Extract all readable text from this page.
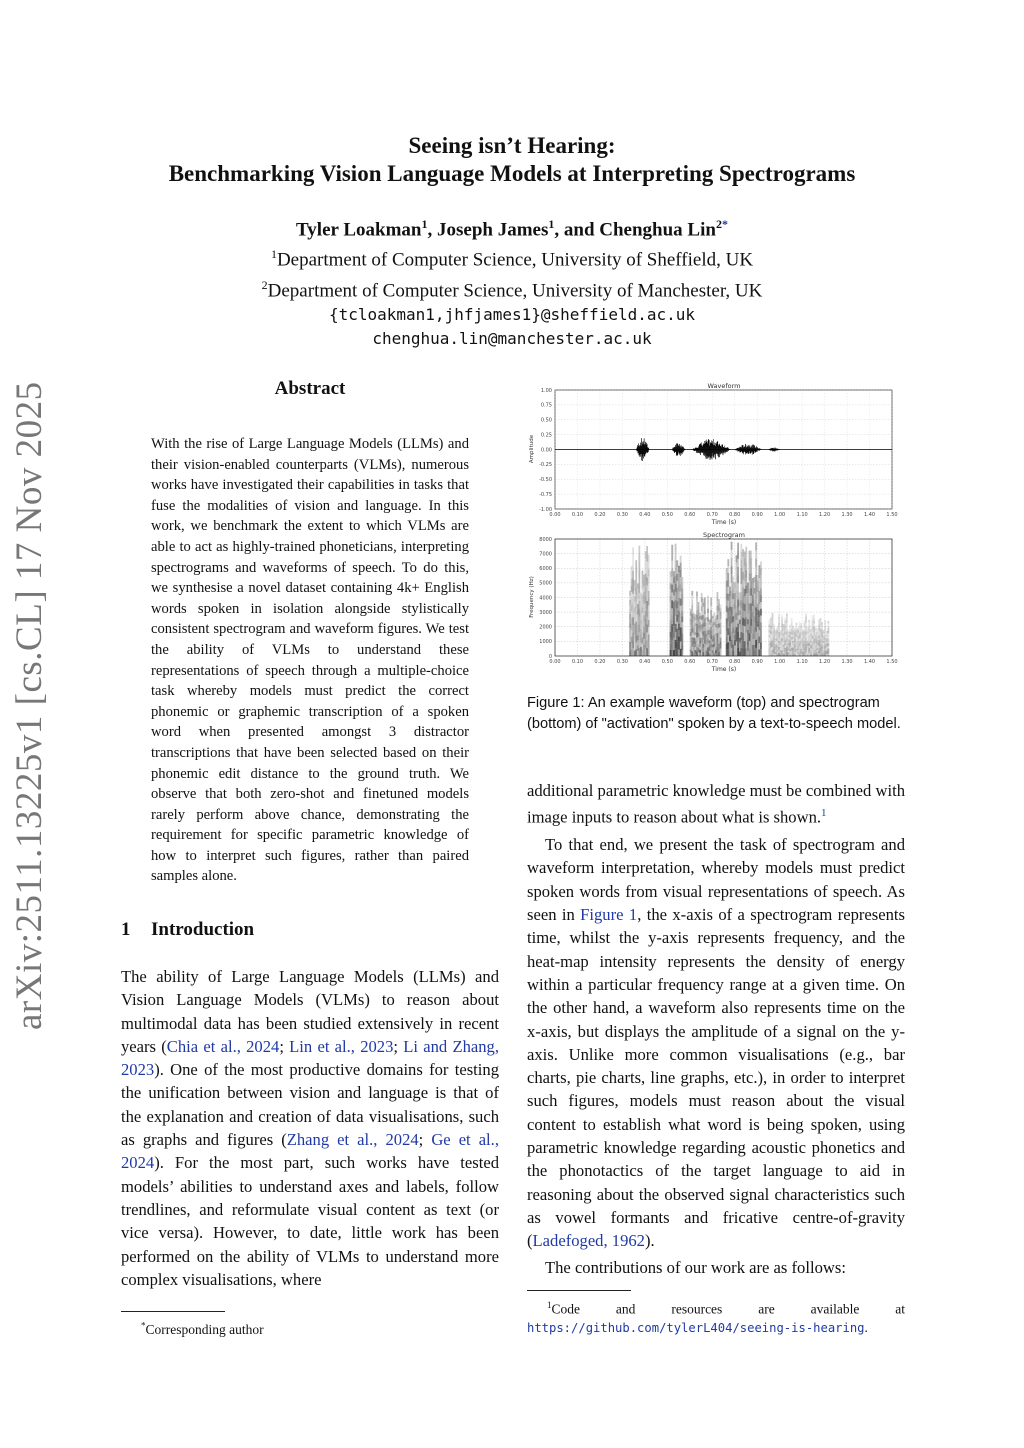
arXiv:2511.13225v1 [cs.CL] 17 Nov 2025
Seeing isn’t Hearing:
Benchmarking Vision Language Models at Interpreting Spectrograms
Tyler Loakman$^1$, Joseph James$^1$, and Chenghua Lin$^{2*}$
$^1$Department of Computer Science, University of Sheffield, UK
$^2$Department of Computer Science, University of Manchester, UK
{tcloakman1,jhfjames1}@sheffield.ac.uk
chenghua.lin@manchester.ac.uk
Abstract
With the rise of Large Language Models (LLMs) and their vision-enabled counterparts (VLMs), numerous works have investigated their capabilities in tasks that fuse the modalities of vision and language. In this work, we benchmark the extent to which VLMs are able to act as highly-trained phoneticians, interpreting spectrograms and waveforms of speech. To do this, we synthesise a novel dataset containing 4k+ English words spoken in isolation alongside stylistically consistent spectrogram and waveform figures. We test the ability of VLMs to understand these representations of speech through a multiple-choice task whereby models must predict the correct phonemic or graphemic transcription of a spoken word when presented amongst 3 distractor transcriptions that have been selected based on their phonemic edit distance to the ground truth. We observe that both zero-shot and finetuned models rarely perform above chance, demonstrating the requirement for specific parametric knowledge of how to interpret such figures, rather than paired samples alone.
1 Introduction
The ability of Large Language Models (LLMs) and Vision Language Models (VLMs) to reason about multimodal data has been studied extensively in recent years (Chia et al., 2024; Lin et al., 2023; Li and Zhang, 2023). One of the most productive domains for testing the unification between vision and language is that of the explanation and creation of data visualisations, such as graphs and figures (Zhang et al., 2024; Ge et al., 2024). For the most part, such works have tested models’ abilities to understand axes and labels, follow trendlines, and reformulate visual content as text (or vice versa). However, to date, little work has been performed on the ability of VLMs to understand more complex visualisations, where
*Corresponding author
Waveform
1.00
0.75
0.50
0.25
0.00
-0.25
-0.50
-0.75
-1.00
0.00 0.10 0.20 0.30 0.40 0.50 0.60 0.70 0.80 0.90 1.00 1.10 1.20 1.30 1.40 1.50
Time (s)
Amplitude
Spectrogram
8000
7000
6000
5000
4000
3000
2000
1000
0
0.00 0.10 0.20 0.30 0.40 0.50 0.60 0.70 0.80 0.90 1.00 1.10 1.20 1.30 1.40 1.50
Time (s)
Frequency (Hz)
Figure 1: An example waveform (top) and spectrogram (bottom) of "activation" spoken by a text-to-speech model.

additional parametric knowledge must be combined with image inputs to reason about what is shown.$^1$

To that end, we present the task of spectrogram and waveform interpretation, whereby models must predict spoken words from visual representations of speech. As seen in Figure 1, the x-axis of a spectrogram represents time, whilst the y-axis represents frequency, and the heat-map intensity represents the density of energy within a particular frequency range at a given time. On the other hand, a waveform also represents time on the x-axis, but displays the amplitude of a signal on the y-axis. Unlike more common visualisations (e.g., bar charts, pie charts, line graphs, etc.), in order to interpret such figures, models must reason about the visual content to establish what word is being spoken, using parametric knowledge regarding acoustic phonetics and the phonotactics of the target language to aid in reasoning about the observed signal characteristics such as vowel formants and fricative centre-of-gravity (Ladefoged, 1962).

The contributions of our work are as follows:

$^1$Code and resources are available at https://github.com/tylerL404/seeing-is-hearing.
